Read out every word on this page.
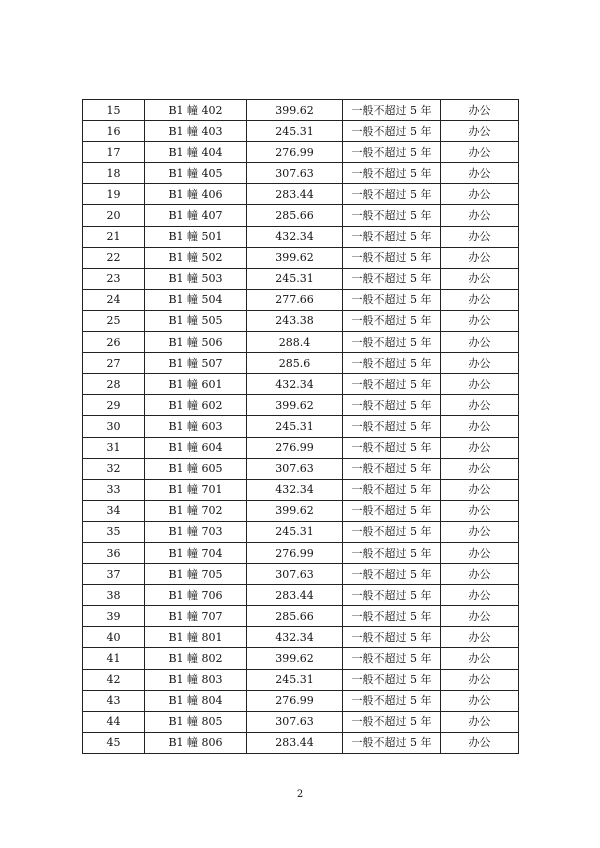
15	B1 幢 402	399.62	一般不超过 5 年	办公
16	B1 幢 403	245.31	一般不超过 5 年	办公
17	B1 幢 404	276.99	一般不超过 5 年	办公
18	B1 幢 405	307.63	一般不超过 5 年	办公
19	B1 幢 406	283.44	一般不超过 5 年	办公
20	B1 幢 407	285.66	一般不超过 5 年	办公
21	B1 幢 501	432.34	一般不超过 5 年	办公
22	B1 幢 502	399.62	一般不超过 5 年	办公
23	B1 幢 503	245.31	一般不超过 5 年	办公
24	B1 幢 504	277.66	一般不超过 5 年	办公
25	B1 幢 505	243.38	一般不超过 5 年	办公
26	B1 幢 506	288.4	一般不超过 5 年	办公
27	B1 幢 507	285.6	一般不超过 5 年	办公
28	B1 幢 601	432.34	一般不超过 5 年	办公
29	B1 幢 602	399.62	一般不超过 5 年	办公
30	B1 幢 603	245.31	一般不超过 5 年	办公
31	B1 幢 604	276.99	一般不超过 5 年	办公
32	B1 幢 605	307.63	一般不超过 5 年	办公
33	B1 幢 701	432.34	一般不超过 5 年	办公
34	B1 幢 702	399.62	一般不超过 5 年	办公
35	B1 幢 703	245.31	一般不超过 5 年	办公
36	B1 幢 704	276.99	一般不超过 5 年	办公
37	B1 幢 705	307.63	一般不超过 5 年	办公
38	B1 幢 706	283.44	一般不超过 5 年	办公
39	B1 幢 707	285.66	一般不超过 5 年	办公
40	B1 幢 801	432.34	一般不超过 5 年	办公
41	B1 幢 802	399.62	一般不超过 5 年	办公
42	B1 幢 803	245.31	一般不超过 5 年	办公
43	B1 幢 804	276.99	一般不超过 5 年	办公
44	B1 幢 805	307.63	一般不超过 5 年	办公
45	B1 幢 806	283.44	一般不超过 5 年	办公
2
